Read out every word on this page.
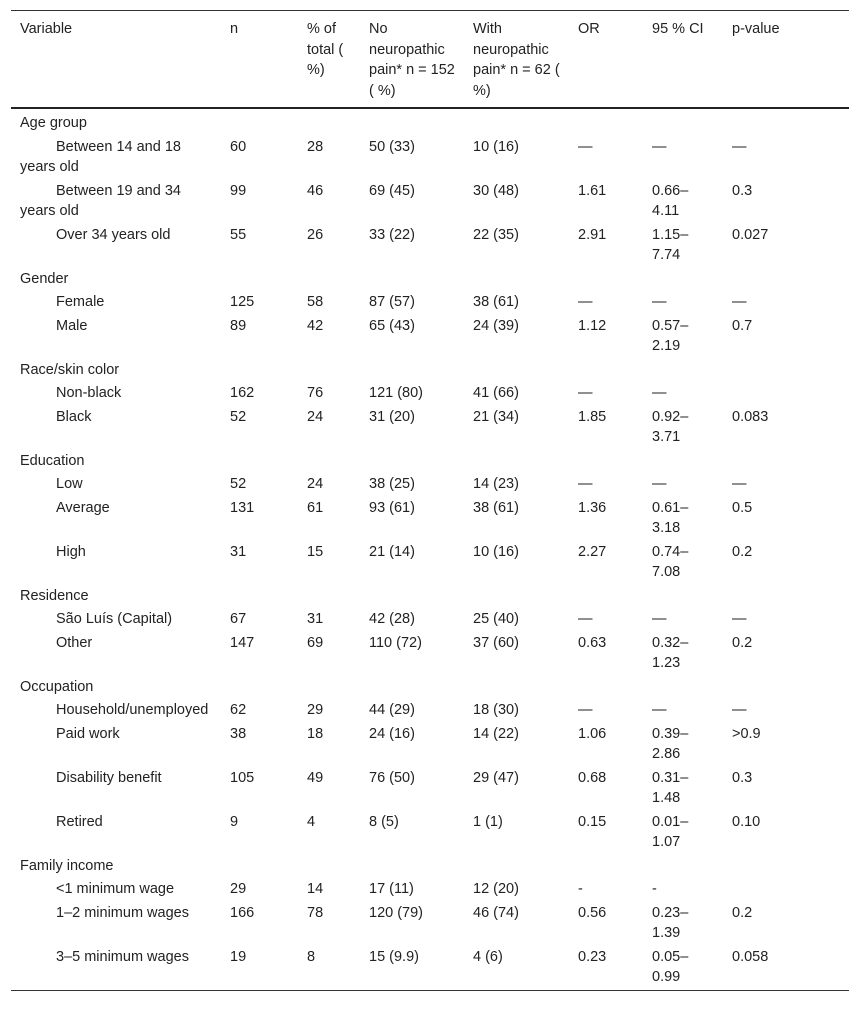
Variable	n	% of total ( %)	No neuropathic pain* n = 152 ( %)	With neuropathic pain* n = 62 ( %)	OR	95 % CI	p-value
Age group							
Between 14 and 18 years old	60	28	50 (33)	10 (16)	—	—	—
Between 19 and 34 years old	99	46	69 (45)	30 (48)	1.61	0.66–4.11	0.3
Over 34 years old	55	26	33 (22)	22 (35)	2.91	1.15–7.74	0.027
Gender							
Female	125	58	87 (57)	38 (61)	—	—	—
Male	89	42	65 (43)	24 (39)	1.12	0.57–2.19	0.7
Race/skin color							
Non-black	162	76	121 (80)	41 (66)	—	—	
Black	52	24	31 (20)	21 (34)	1.85	0.92–3.71	0.083
Education							
Low	52	24	38 (25)	14 (23)	—	—	—
Average	131	61	93 (61)	38 (61)	1.36	0.61–3.18	0.5
High	31	15	21 (14)	10 (16)	2.27	0.74–7.08	0.2
Residence							
São Luís (Capital)	67	31	42 (28)	25 (40)	—	—	—
Other	147	69	110 (72)	37 (60)	0.63	0.32–1.23	0.2
Occupation							
Household/unemployed	62	29	44 (29)	18 (30)	—	—	—
Paid work	38	18	24 (16)	14 (22)	1.06	0.39–2.86	>0.9
Disability benefit	105	49	76 (50)	29 (47)	0.68	0.31–1.48	0.3
Retired	9	4	8 (5)	1 (1)	0.15	0.01–1.07	0.10
Family income							
<1 minimum wage	29	14	17 (11)	12 (20)	-	-	
1–2 minimum wages	166	78	120 (79)	46 (74)	0.56	0.23–1.39	0.2
3–5 minimum wages	19	8	15 (9.9)	4 (6)	0.23	0.05–0.99	0.058
